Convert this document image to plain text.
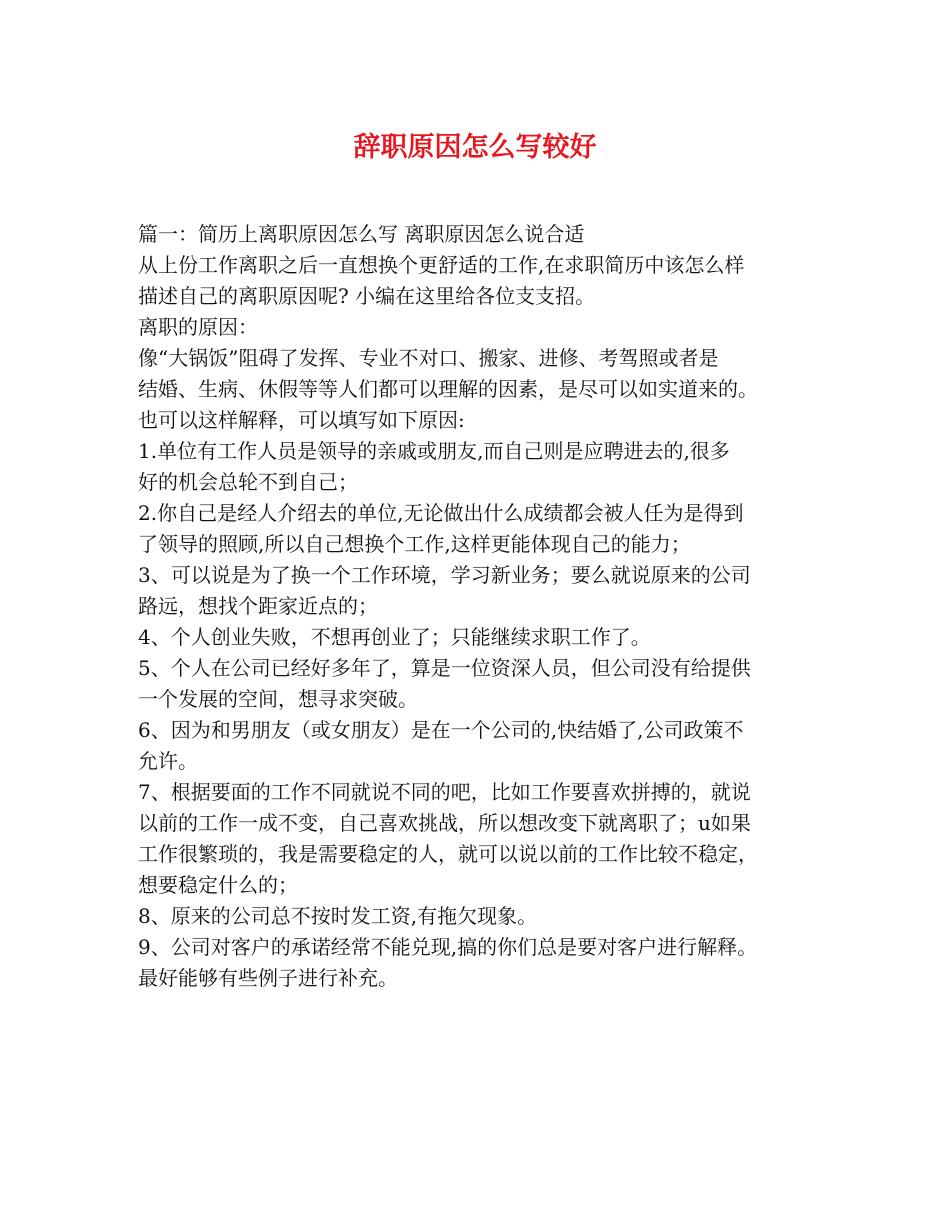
辞职原因怎么写较好
篇一：简历上离职原因怎么写 离职原因怎么说合适
从上份工作离职之后一直想换个更舒适的工作,在求职简历中该怎么样
描述自己的离职原因呢? 小编在这里给各位支支招。
离职的原因：
像“大锅饭”阻碍了发挥、专业不对口、搬家、进修、考驾照或者是
结婚、生病、休假等等人们都可以理解的因素，是尽可以如实道来的。
也可以这样解释，可以填写如下原因:
1.单位有工作人员是领导的亲戚或朋友,而自己则是应聘进去的,很多
好的机会总轮不到自己；
2.你自己是经人介绍去的单位,无论做出什么成绩都会被人任为是得到
了领导的照顾,所以自己想换个工作,这样更能体现自己的能力；
3、可以说是为了换一个工作环境，学习新业务；要么就说原来的公司
路远，想找个距家近点的；
4、个人创业失败，不想再创业了；只能继续求职工作了。
5、个人在公司已经好多年了，算是一位资深人员，但公司没有给提供
一个发展的空间，想寻求突破。
6、因为和男朋友（或女朋友）是在一个公司的,快结婚了,公司政策不
允许。
7、根据要面的工作不同就说不同的吧，比如工作要喜欢拼搏的，就说
以前的工作一成不变，自己喜欢挑战，所以想改变下就离职了；u如果
工作很繁琐的，我是需要稳定的人，就可以说以前的工作比较不稳定，
想要稳定什么的；
8、原来的公司总不按时发工资,有拖欠现象。
9、公司对客户的承诺经常不能兑现,搞的你们总是要对客户进行解释。
最好能够有些例子进行补充。
